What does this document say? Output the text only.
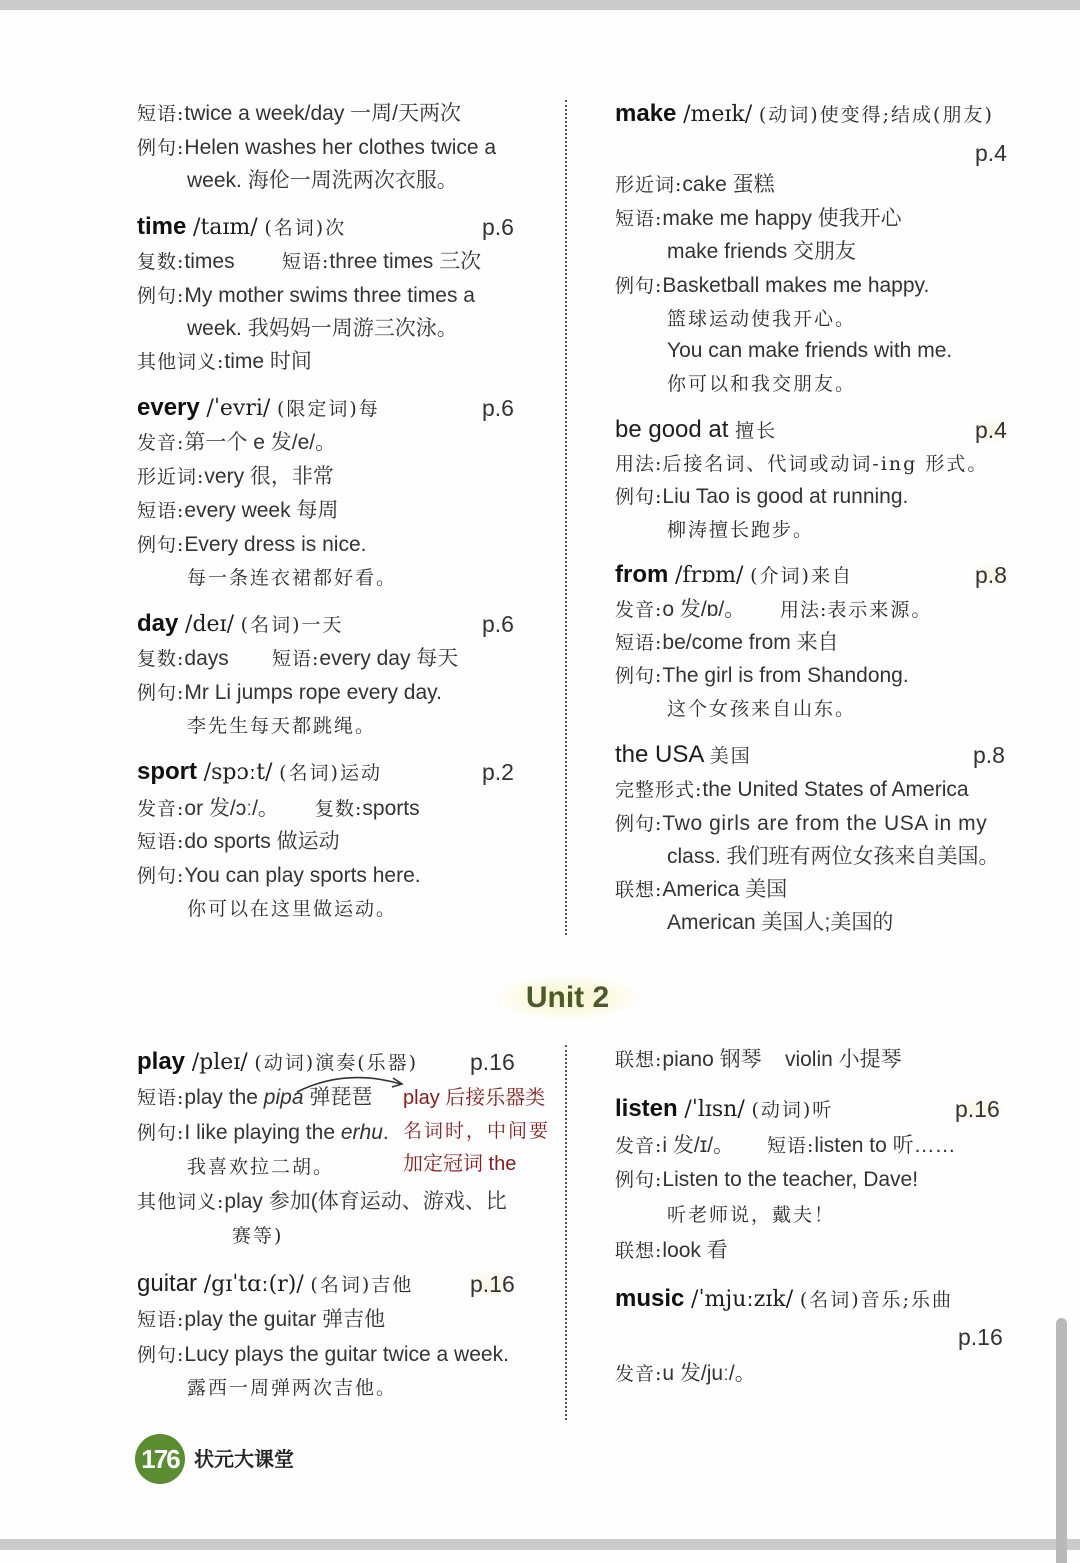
短语:twice a week/day 一周/天两次
例句:Helen washes her clothes twice a
week. 海伦一周洗两次衣服。
time /taɪm/ (名词)次	p.6
复数:times 短语:three times 三次
例句:My mother swims three times a
week. 我妈妈一周游三次泳。
其他词义:time 时间
every /ˈevri/ (限定词)每	p.6
发音:第一个 e 发/e/。
形近词:very 很，非常
短语:every week 每周
例句:Every dress is nice.
每一条连衣裙都好看。
day /deɪ/ (名词)一天	p.6
复数:days 短语:every day 每天
例句:Mr Li jumps rope every day.
李先生每天都跳绳。
sport /spɔːt/ (名词)运动	p.2
发音:or 发/ɔː/。 复数:sports
短语:do sports 做运动
例句:You can play sports here.
你可以在这里做运动。
make /meɪk/ (动词)使变得;结成(朋友)
p.4
形近词:cake 蛋糕
短语:make me happy 使我开心
make friends 交朋友
例句:Basketball makes me happy.
篮球运动使我开心。
You can make friends with me.
你可以和我交朋友。
be good at 擅长	p.4
用法:后接名词、代词或动词-ing 形式。
例句:Liu Tao is good at running.
柳涛擅长跑步。
from /frɒm/ (介词)来自	p.8
发音:o 发/ɒ/。 用法:表示来源。
短语:be/come from 来自
例句:The girl is from Shandong.
这个女孩来自山东。
the USA 美国	p.8
完整形式:the United States of America
例句:Two girls are from the USA in my
class. 我们班有两位女孩来自美国。
联想:America 美国
American 美国人;美国的
Unit 2
play /pleɪ/ (动词)演奏(乐器) p.16
短语:play the pipa 弹琵琶
例句:I like playing the erhu.
我喜欢拉二胡。
其他词义:play 参加(体育运动、游戏、比
赛等)
play 后接乐器类
名词时，中间要
加定冠词 the
guitar /gɪˈtɑː(r)/ (名词)吉他 p.16
短语:play the guitar 弹吉他
例句:Lucy plays the guitar twice a week.
露西一周弹两次吉他。
联想:piano 钢琴    violin 小提琴
listen /ˈlɪsn/ (动词)听	p.16
发音:i 发/ɪ/。 短语:listen to 听……
例句:Listen to the teacher, Dave!
听老师说，戴夫！
联想:look 看
music /ˈmjuːzɪk/ (名词)音乐;乐曲
p.16
发音:u 发/juː/。
176 状元大课堂
